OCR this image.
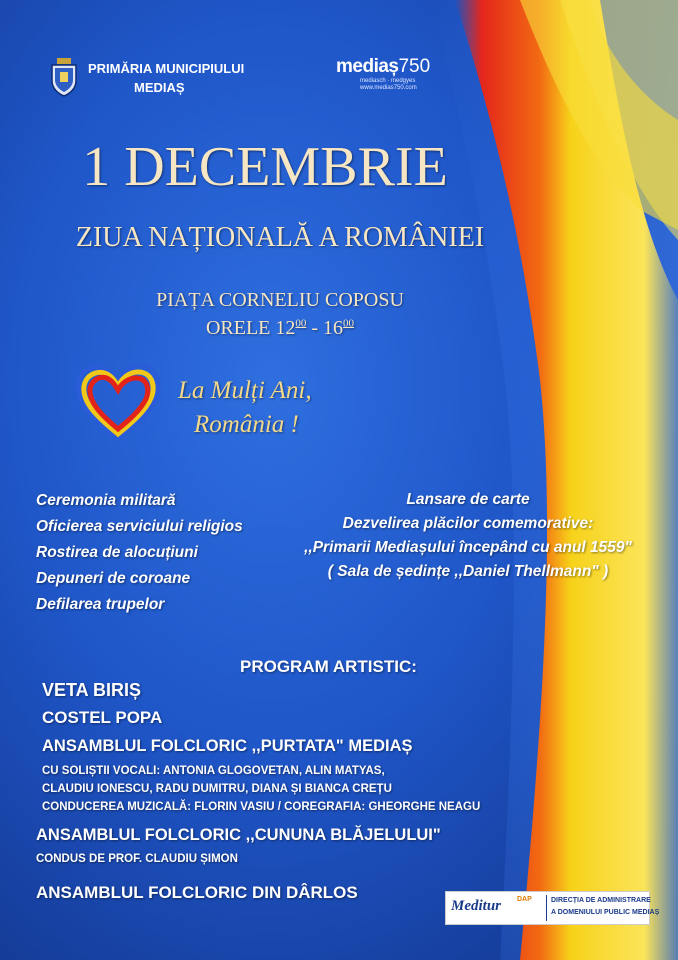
PRIMĂRIA MUNICIPIULUI
MEDIAȘ
mediaș750
mediasch · medgyes
www.medias750.com
1 DECEMBRIE
ZIUA NAȚIONALĂ A ROMÂNIEI
PIAȚA CORNELIU COPOSU
ORELE $12^{00} - 16^{00}$
La Mulți Ani,
România !
Ceremonia militară
Oficierea serviciului religios
Rostirea de alocuțiuni
Depuneri de coroane
Defilarea trupelor
Lansare de carte
Dezvelirea plăcilor comemorative:
,,Primarii Mediașului începând cu anul 1559"
( Sala de ședințe ,,Daniel Thellmann" )
PROGRAM ARTISTIC:
VETA BIRIȘ
COSTEL POPA
ANSAMBLUL FOLCLORIC ,,PURTATA" MEDIAȘ
CU SOLIȘTII VOCALI: ANTONIA GLOGOVETAN, ALIN MATYAS,
CLAUDIU IONESCU, RADU DUMITRU, DIANA ȘI BIANCA CREȚU
CONDUCEREA MUZICALĂ: FLORIN VASIU / COREGRAFIA: GHEORGHE NEAGU
ANSAMBLUL FOLCLORIC ,,CUNUNA BLĂJELULUI"
CONDUS DE PROF. CLAUDIU ȘIMON
ANSAMBLUL FOLCLORIC DIN DÂRLOS
Meditur DAP	DIRECȚIA DE ADMINISTRARE
A DOMENIULUI PUBLIC MEDIAȘ
